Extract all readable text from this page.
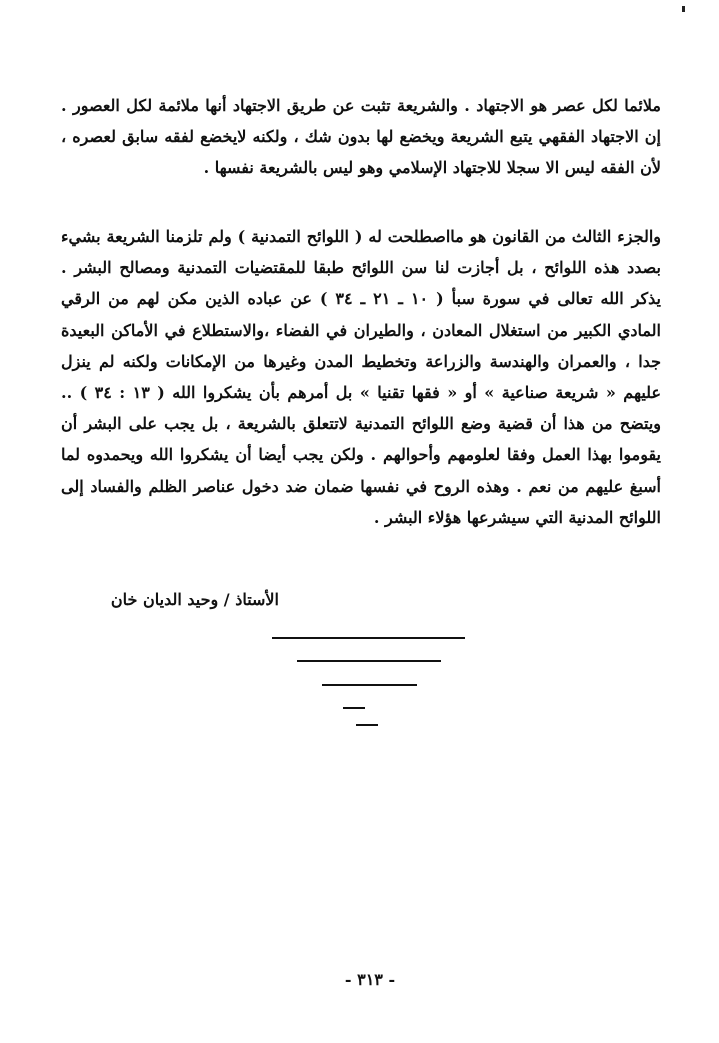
ملائما لكل عصر هو الاجتهاد . والشريعة تثبت عن طريق الاجتهاد أنها ملائمة لكل العصور . إن الاجتهاد الفقهي يتبع الشريعة ويخضع لها بدون شك ، ولكنه لايخضع لفقه سابق لعصره ، لأن الفقه ليس الا سجلا للاجتهاد الإسلامي وهو ليس بالشريعة نفسها .

والجزء الثالث من القانون هو مااصطلحت له ( اللوائح التمدنية ) ولم تلزمنا الشريعة بشيء بصدد هذه اللوائح ، بل أجازت لنا سن اللوائح طبقا للمقتضيات التمدنية ومصالح البشر . يذكر الله تعالى في سورة سبأ ( ١٠ ـ ٢١ ـ ٣٤ ) عن عباده الذين مكن لهم من الرقي المادي الكبير من استغلال المعادن ، والطيران في الفضاء ،والاستطلاع في الأماكن البعيدة جدا ، والعمران والهندسة والزراعة وتخطيط المدن وغيرها من الإمكانات ولكنه لم ينزل عليهم « شريعة صناعية » أو « فقها تقنيا » بل أمرهم بأن يشكروا الله ( ١٣ : ٣٤ ) .. ويتضح من هذا أن قضية وضع اللوائح التمدنية لاتتعلق بالشريعة ، بل يجب على البشر أن يقوموا بهذا العمل وفقا لعلومهم وأحوالهم . ولكن يجب أيضا أن يشكروا الله ويحمدوه لما أسبغ عليهم من نعم . وهذه الروح في نفسها ضمان ضد دخول عناصر الظلم والفساد إلى اللوائح المدنية التي سيشرعها هؤلاء البشر .

الأستاذ / وحيد الديان خان
- ٣١٣ -
